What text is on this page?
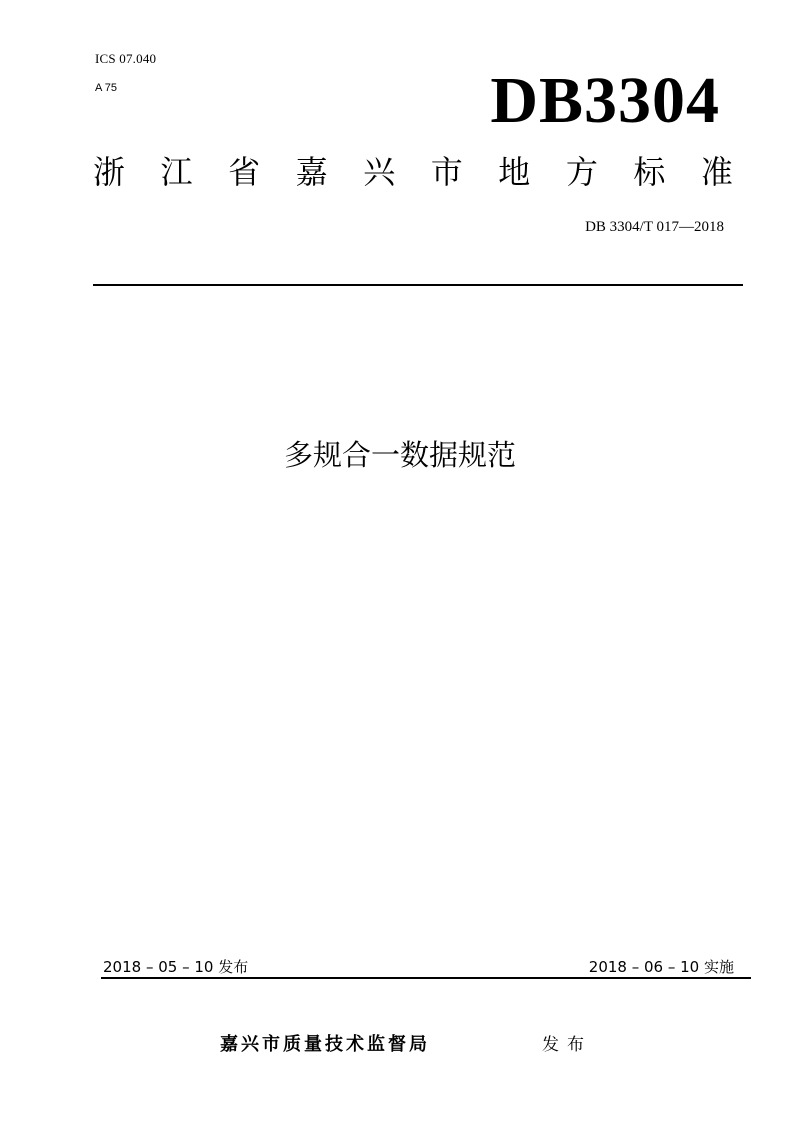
ICS 07.040
A 75	DB3304
浙 江 省 嘉 兴 市 地 方 标 准
DB 3304/T 017—2018
多规合一数据规范
2018 – 05 – 10 发布	2018 – 06 – 10 实施
嘉兴市质量技术监督局	发布
